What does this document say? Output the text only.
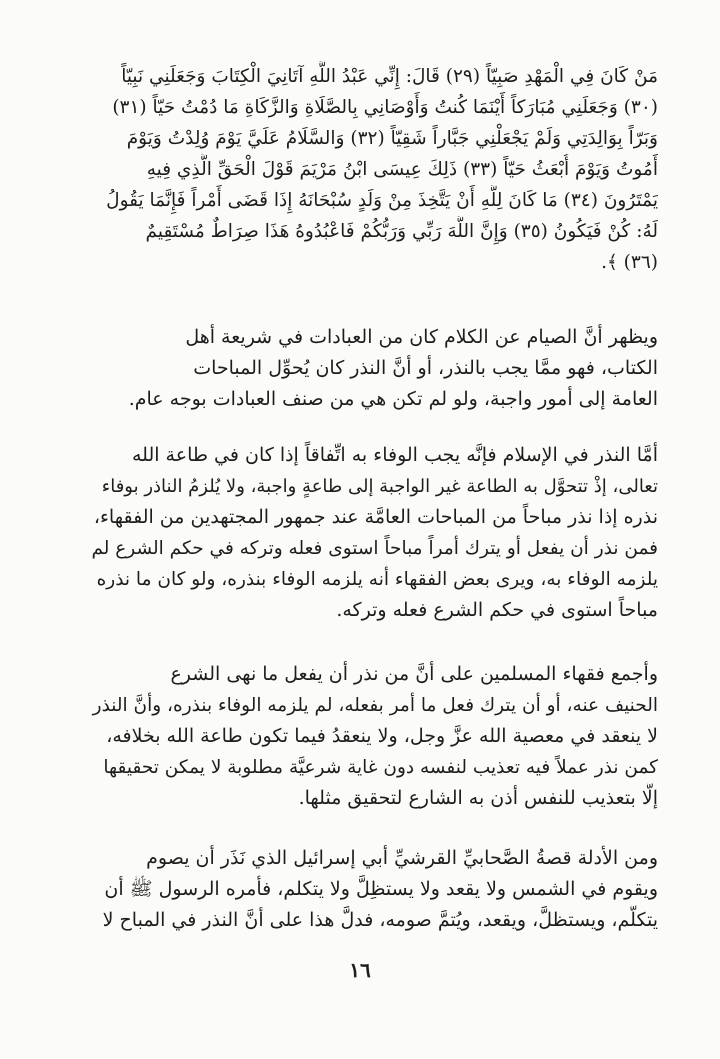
مَنْ كَانَ فِي الْمَهْدِ صَبِيّاً (٢٩) قَالَ: إِنِّي عَبْدُ اللَّهِ آتَانِيَ الْكِتَابَ وَجَعَلَنِي نَبِيّاً
(٣٠) وَجَعَلَنِي مُبَارَكاً أَيْنَمَا كُنتُ وَأَوْصَانِي بِالصَّلَاةِ وَالزَّكَاةِ مَا دُمْتُ حَيّاً (٣١)
وَبَرّاً بِوَالِدَتِي وَلَمْ يَجْعَلْنِي جَبَّاراً شَقِيّاً (٣٢) وَالسَّلَامُ عَلَيَّ يَوْمَ وُلِدْتُ وَيَوْمَ
أَمُوتُ وَيَوْمَ أُبْعَثُ حَيّاً (٣٣) ذَلِكَ عِيسَى ابْنُ مَرْيَمَ قَوْلَ الْحَقِّ الَّذِي فِيهِ
يَمْتَرُونَ (٣٤) مَا كَانَ لِلَّهِ أَنْ يَتَّخِذَ مِنْ وَلَدٍ سُبْحَانَهُ إِذَا قَضَى أَمْراً فَإِنَّمَا يَقُولُ
لَهُ: كُنْ فَيَكُونُ (٣٥) وَإِنَّ اللَّهَ رَبِّي وَرَبُّكُمْ فَاعْبُدُوهُ هَذَا صِرَاطٌ مُسْتَقِيمٌ
(٣٦) ﴾.
ويظهر أنَّ الصيام عن الكلام كان من العبادات في شريعة أهل
الكتاب، فهو ممَّا يجب بالنذر، أو أنَّ النذر كان يُحوِّل المباحات
العامة إلى أمور واجبة، ولو لم تكن هي من صنف العبادات بوجه عام.
أمَّا النذر في الإسلام فإنَّه يجب الوفاء به اتِّفاقاً إذا كان في طاعة الله
تعالى، إذْ تتحوَّل به الطاعة غير الواجبة إلى طاعةٍ واجبة، ولا يُلزمُ الناذر بوفاء
نذره إذا نذر مباحاً من المباحات العامَّة عند جمهور المجتهدين من الفقهاء،
فمن نذر أن يفعل أو يترك أمراً مباحاً استوى فعله وتركه في حكم الشرع لم
يلزمه الوفاء به، ويرى بعض الفقهاء أنه يلزمه الوفاء بنذره، ولو كان ما نذره
مباحاً استوى في حكم الشرع فعله وتركه.
وأجمع فقهاء المسلمين على أنَّ من نذر أن يفعل ما نهى الشرع
الحنيف عنه، أو أن يترك فعل ما أمر بفعله، لم يلزمه الوفاء بنذره، وأنَّ النذر
لا ينعقد في معصية الله عزَّ وجل، ولا ينعقدُ فيما تكون طاعة الله بخلافه،
كمن نذر عملاً فيه تعذيب لنفسه دون غاية شرعيَّة مطلوبة لا يمكن تحقيقها
إلَّا بتعذيب للنفس أذن به الشارع لتحقيق مثلها.
ومن الأدلة قصةُ الصَّحابيِّ القرشيِّ أبي إسرائيل الذي نَذَر أن يصوم
ويقوم في الشمس ولا يقعد ولا يستظِلَّ ولا يتكلم، فأمره الرسول ﷺ أن
يتكلَّم، ويستظلَّ، ويقعد، ويُتمَّ صومه، فدلَّ هذا على أنَّ النذر في المباح لا
١٦
